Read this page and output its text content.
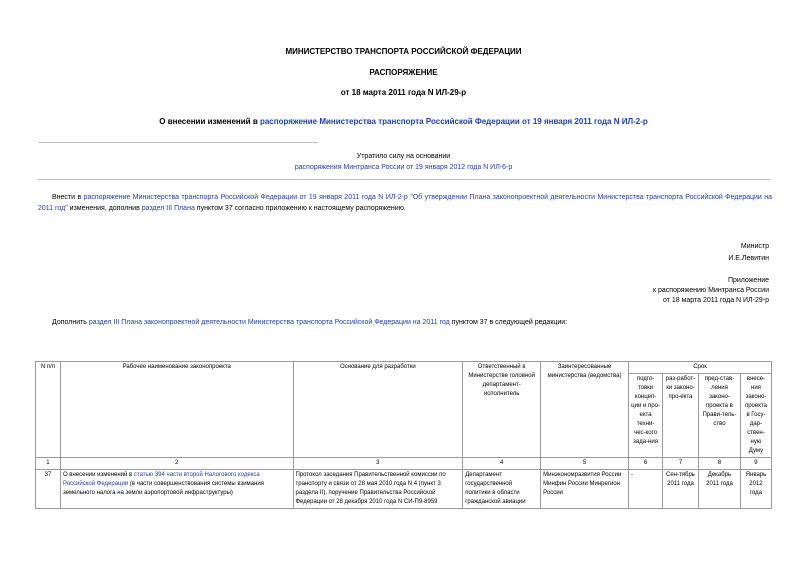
МИНИСТЕРСТВО ТРАНСПОРТА РОССИЙСКОЙ ФЕДЕРАЦИИ
РАСПОРЯЖЕНИЕ
от 18 марта 2011 года N ИЛ-29-р
О внесении изменений в распоряжение Министерства транспорта Российской Федерации от 19 января 2011 года N ИЛ-2-р
Утратило силу на основании
распоряжения Минтранса России от 19 января 2012 года N ИЛ-6-р
Внести в распоряжение Министерства транспорта Российской Федерации от 19 января 2011 года N ИЛ-2-р "Об утверждении Плана законопроектной деятельности Министерства транспорта Российской Федерации на 2011 год" изменения, дополнив раздел III Плана пунктом 37 согласно приложению к настоящему распоряжению.
Министр
И.Е.Левитин
Приложение
к распоряжению Минтранса России
от 18 марта 2011 года N ИЛ-29-р
Дополнить раздел III Плана законопроектной деятельности Министерства транспорта Российской Федерации на 2011 год пунктом 37 в следующей редакции:
N п/п	Рабочее наименование законопроекта	Основание для разработки	Ответственный в Министерстве головной департамент-исполнитель	Заинтересованные министерства (ведомства)	Срок			
					подго-товки концеп-ции и про-екта техни-чес-кого зада-ния	раз-работ-ки законо-про-екта	пред-став-ления законо-проекта в Прави-тель-ство	внесе-ния законо-проекта в Госу-дар-ствен-ную Думу
1	2	3	4	5	6	7	8	9
37	О внесении изменений в статью 394 части второй Налогового кодекса Российской Федерации (в части совершенствования системы взимания земельного налога на земли аэропортовой инфраструктуры)	Протокол заседания Правительственной комиссии по транспорту и связи от 28 мая 2010 года N 4 (пункт 3 раздела II), поручение Правительства Российской Федерации от 28 декабря 2010 года N СИ-П9-8959	Департамент государственной политики в области гражданской авиации	Минэкономразвития России Минфин России Минрегион России	-	Сен-тябрь 2011 года	Декабрь 2011 года	Январь 2012 года
